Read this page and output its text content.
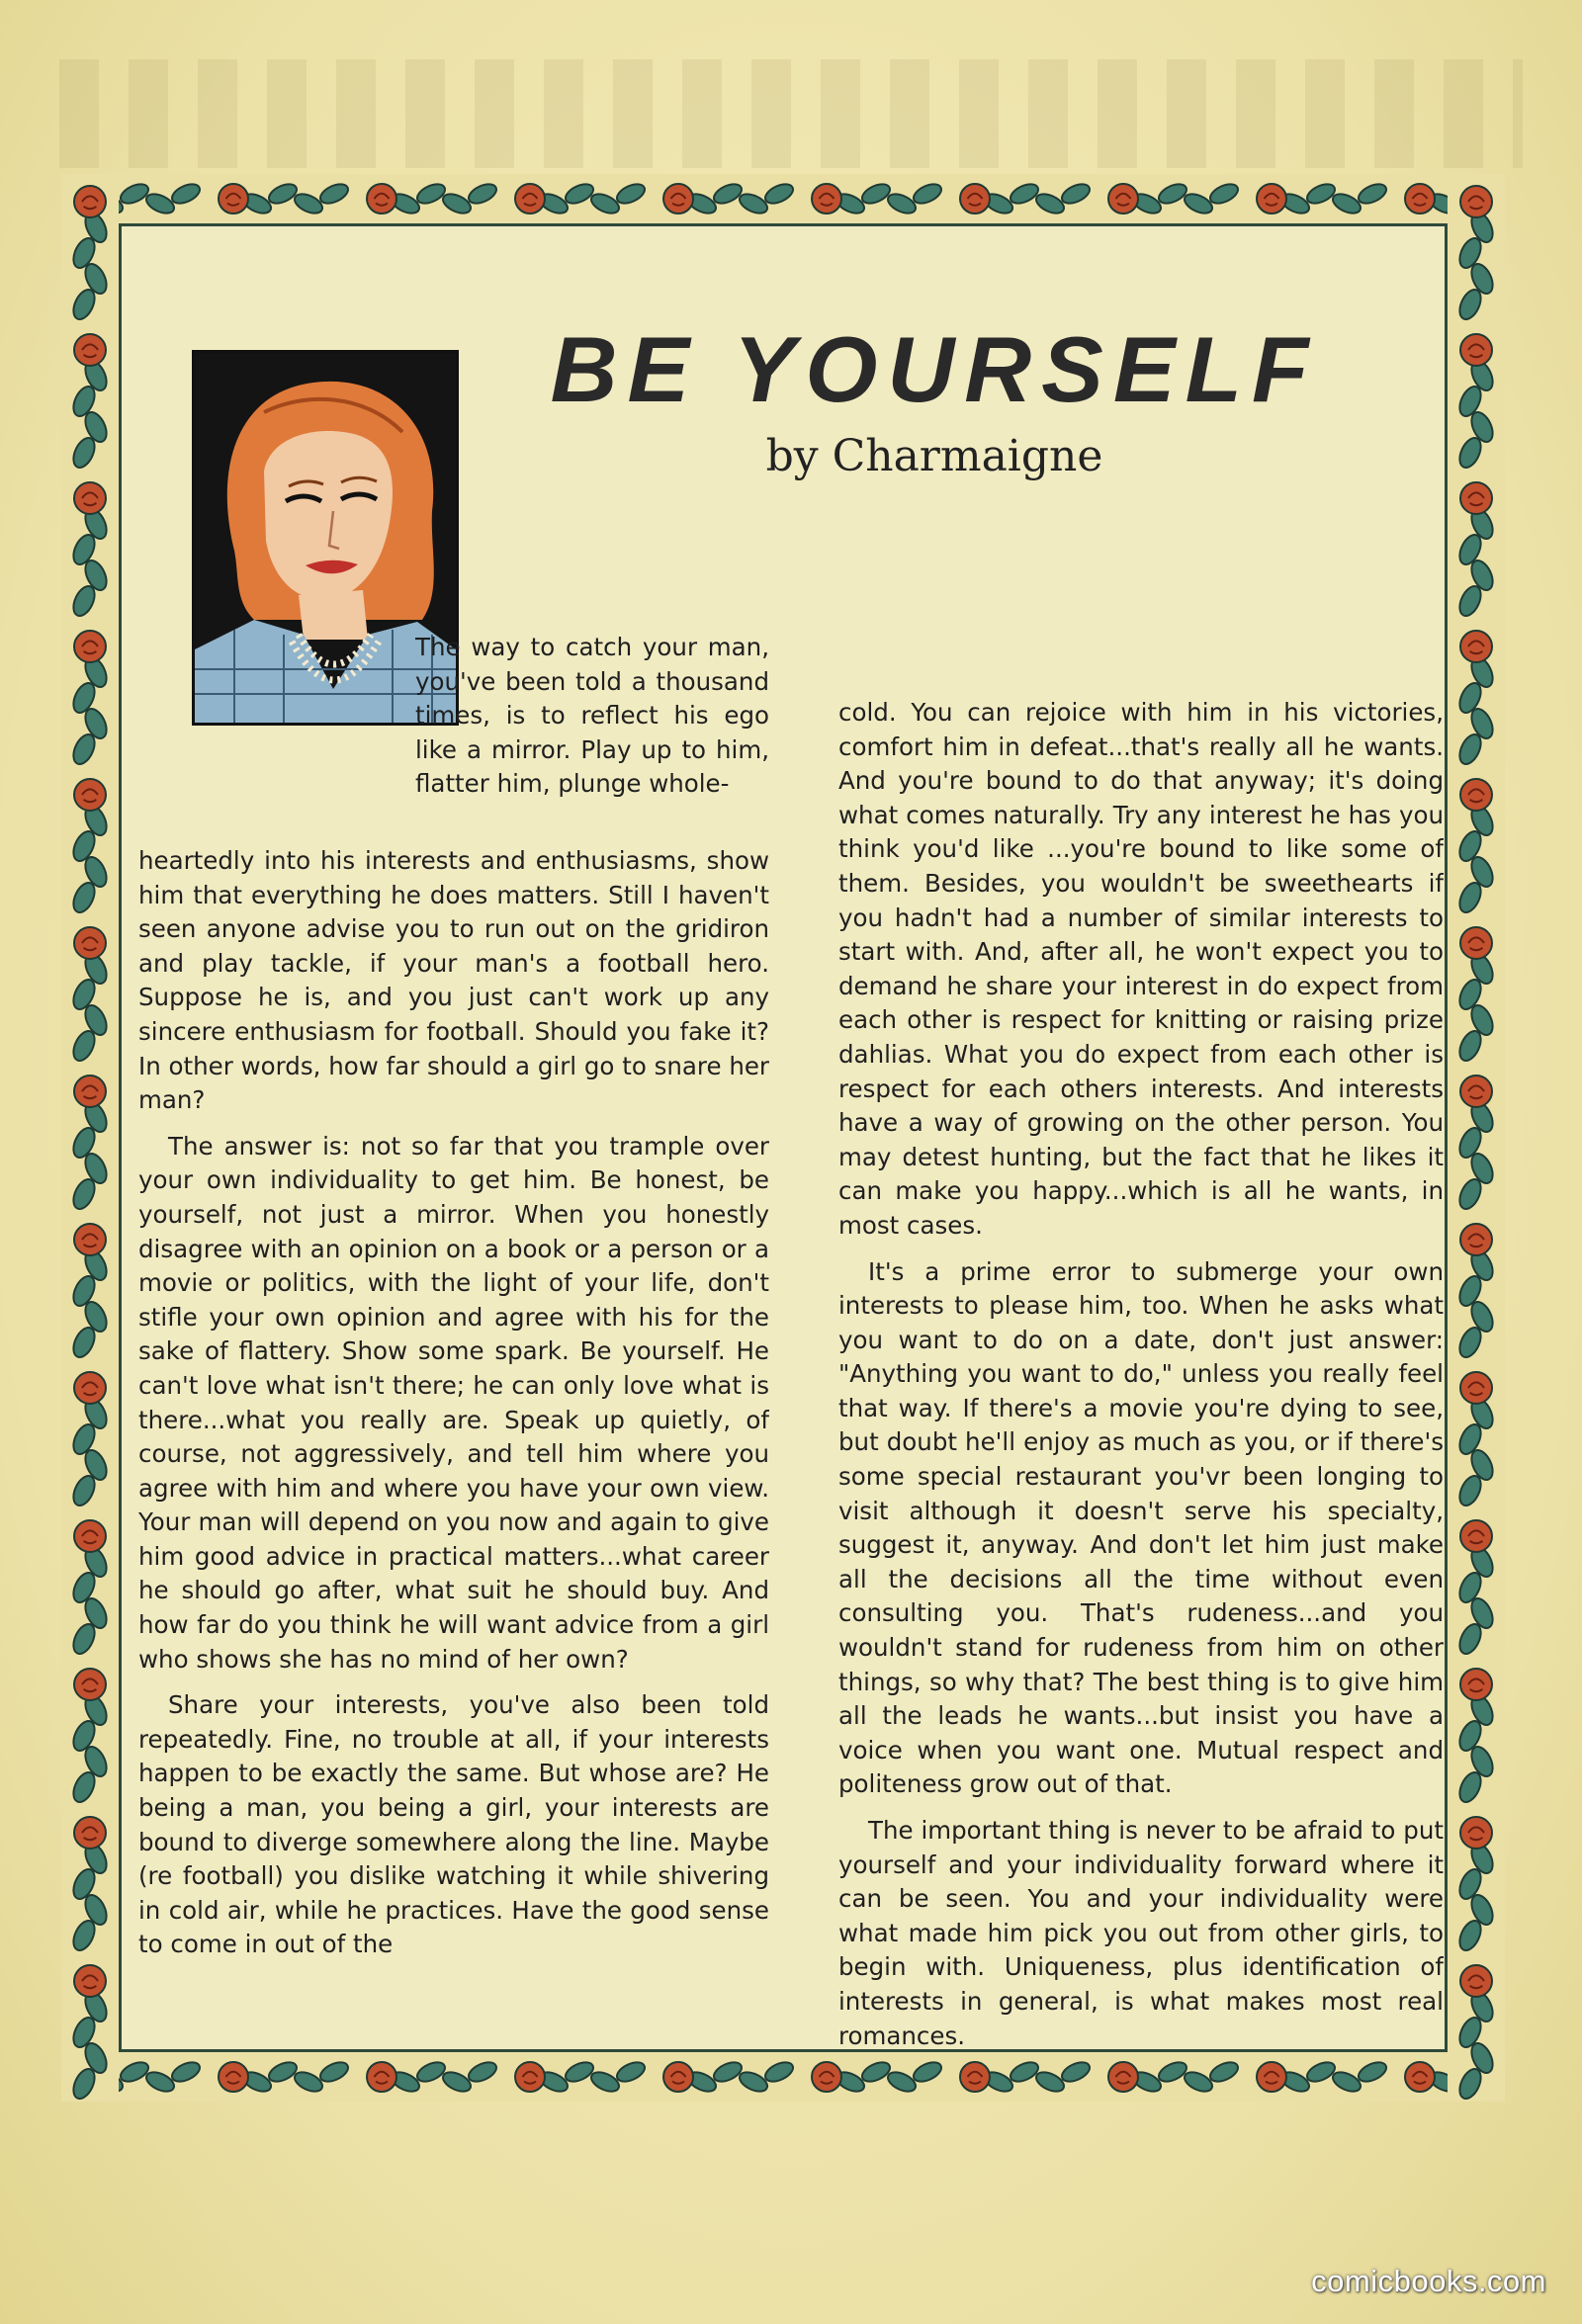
BE YOURSELF
by Charmaigne

The way to catch your man, you've been told a thousand times, is to reflect his ego like a mirror. Play up to him, flatter him, plunge whole-

heartedly into his interests and enthusiasms, show him that everything he does matters. Still I haven't seen anyone advise you to run out on the gridiron and play tackle, if your man's a football hero. Suppose he is, and you just can't work up any sincere enthusiasm for football. Should you fake it? In other words, how far should a girl go to snare her man?

The answer is: not so far that you trample over your own individuality to get him. Be honest, be yourself, not just a mirror. When you honestly disagree with an opinion on a book or a person or a movie or politics, with the light of your life, don't stifle your own opinion and agree with his for the sake of flattery. Show some spark. Be yourself. He can't love what isn't there; he can only love what is there...what you really are. Speak up quietly, of course, not aggressively, and tell him where you agree with him and where you have your own view. Your man will depend on you now and again to give him good advice in practical matters...what career he should go after, what suit he should buy. And how far do you think he will want advice from a girl who shows she has no mind of her own?

Share your interests, you've also been told repeatedly. Fine, no trouble at all, if your interests happen to be exactly the same. But whose are? He being a man, you being a girl, your interests are bound to diverge somewhere along the line. Maybe (re football) you dislike watching it while shivering in cold air, while he practices. Have the good sense to come in out of the

cold. You can rejoice with him in his victories, comfort him in defeat...that's really all he wants. And you're bound to do that anyway; it's doing what comes naturally. Try any interest he has you think you'd like ...you're bound to like some of them. Besides, you wouldn't be sweethearts if you hadn't had a number of similar interests to start with. And, after all, he won't expect you to demand he share your interest in do expect from each other is respect for knitting or raising prize dahlias. What you do expect from each other is respect for each others interests. And interests have a way of growing on the other person. You may detest hunting, but the fact that he likes it can make you happy...which is all he wants, in most cases.

It's a prime error to submerge your own interests to please him, too. When he asks what you want to do on a date, don't just answer: "Anything you want to do," unless you really feel that way. If there's a movie you're dying to see, but doubt he'll enjoy as much as you, or if there's some special restaurant you'vr been longing to visit although it doesn't serve his specialty, suggest it, anyway. And don't let him just make all the decisions all the time without even consulting you. That's rudeness...and you wouldn't stand for rudeness from him on other things, so why that? The best thing is to give him all the leads he wants...but insist you have a voice when you want one. Mutual respect and politeness grow out of that.

The important thing is never to be afraid to put yourself and your individuality forward where it can be seen. You and your individuality were what made him pick you out from other girls, to begin with. Uniqueness, plus identification of interests in general, is what makes most real romances.

comicbooks.com
